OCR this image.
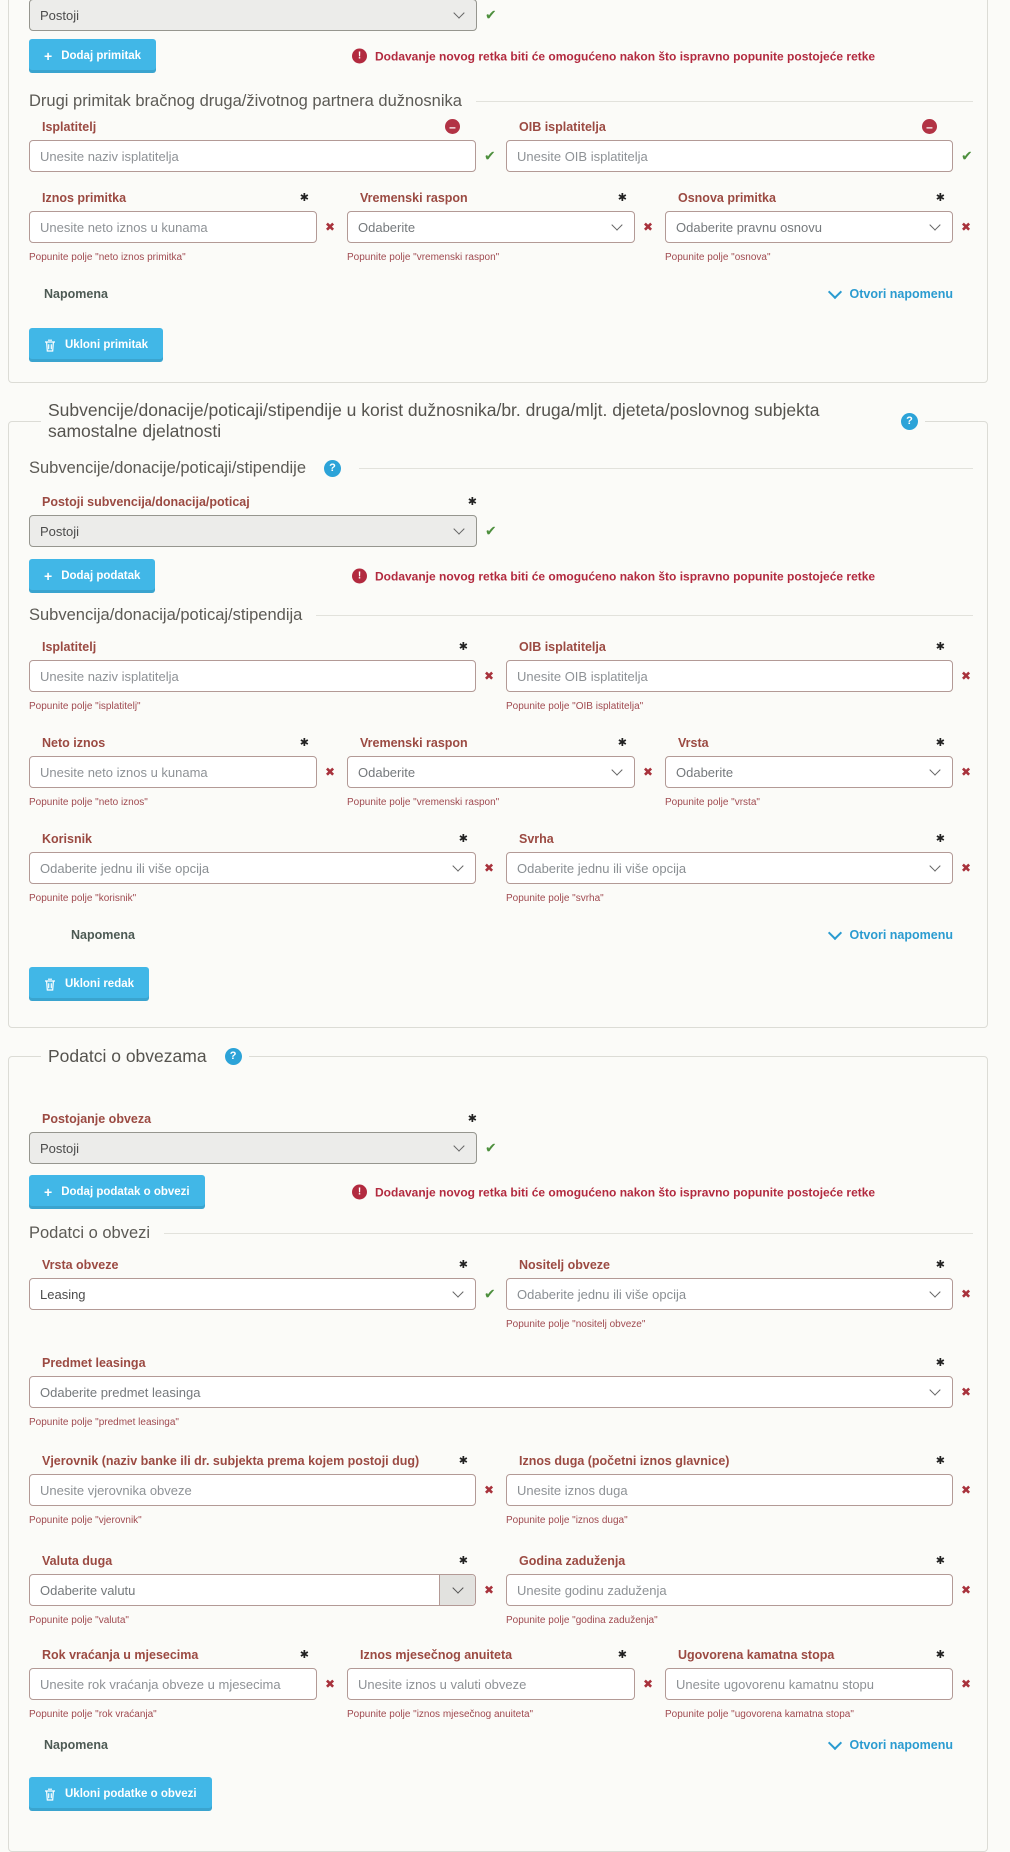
Postoji	✔
+ Dodaj primitak	!	Dodavanje novog retka biti će omogućeno nakon što ispravno popunite postojeće retke
Drugi primitak bračnog druga/životnog partnera dužnosnika
Isplatitelj	–
Unesite naziv isplatitelja
✔
OIB isplatitelja	–
Unesite OIB isplatitelja
✔
Iznos primitka	✱
Unesite neto iznos u kunama
✖
Popunite polje "neto iznos primitka"
Vremenski raspon	✱
Odaberite	✖
Popunite polje "vremenski raspon"
Osnova primitka	✱
Odaberite pravnu osnovu	✖
Popunite polje "osnova"
Napomena	Otvori napomenu
Ukloni primitak
Subvencije/donacije/poticaji/stipendije u korist dužnosnika/br. druga/mljt. djeteta/poslovnog subjekta samostalne djelatnosti
?
Subvencije/donacije/poticaji/stipendije	?
Postoji subvencija/donacija/poticaj	✱
Postoji	✔
+ Dodaj podatak	!	Dodavanje novog retka biti će omogućeno nakon što ispravno popunite postojeće retke
Subvencija/donacija/poticaj/stipendija
Isplatitelj	✱
Unesite naziv isplatitelja
✖
Popunite polje "isplatitelj"
OIB isplatitelja	✱
Unesite OIB isplatitelja
✖
Popunite polje "OIB isplatitelja"
Neto iznos	✱
Unesite neto iznos u kunama
✖
Popunite polje "neto iznos"
Vremenski raspon	✱
Odaberite	✖
Popunite polje "vremenski raspon"
Vrsta	✱
Odaberite	✖
Popunite polje "vrsta"
Korisnik	✱
Odaberite jednu ili više opcija	✖
Popunite polje "korisnik"
Svrha	✱
Odaberite jednu ili više opcija	✖
Popunite polje "svrha"
Napomena	Otvori napomenu
Ukloni redak
Podatci o obvezama	?
Postojanje obveza	✱
Postoji	✔
+ Dodaj podatak o obvezi	!	Dodavanje novog retka biti će omogućeno nakon što ispravno popunite postojeće retke
Podatci o obvezi
Vrsta obveze	✱
Leasing	✔
Nositelj obveze	✱
Odaberite jednu ili više opcija	✖
Popunite polje "nositelj obveze"
Predmet leasinga	✱
Odaberite predmet leasinga	✖
Popunite polje "predmet leasinga"
Vjerovnik (naziv banke ili dr. subjekta prema kojem postoji dug)	✱
Unesite vjerovnika obveze
✖
Popunite polje "vjerovnik"
Iznos duga (početni iznos glavnice)	✱
Unesite iznos duga
✖
Popunite polje "iznos duga"
Valuta duga	✱
Odaberite valutu	✖
Popunite polje "valuta"
Godina zaduženja	✱
Unesite godinu zaduženja
✖
Popunite polje "godina zaduženja"
Rok vraćanja u mjesecima	✱
Unesite rok vraćanja obveze u mjesecima
✖
Popunite polje "rok vraćanja"
Iznos mjesečnog anuiteta	✱
Unesite iznos u valuti obveze
✖
Popunite polje "iznos mjesečnog anuiteta"
Ugovorena kamatna stopa	✱
Unesite ugovorenu kamatnu stopu
✖
Popunite polje "ugovorena kamatna stopa"
Napomena	Otvori napomenu
Ukloni podatke o obvezi
